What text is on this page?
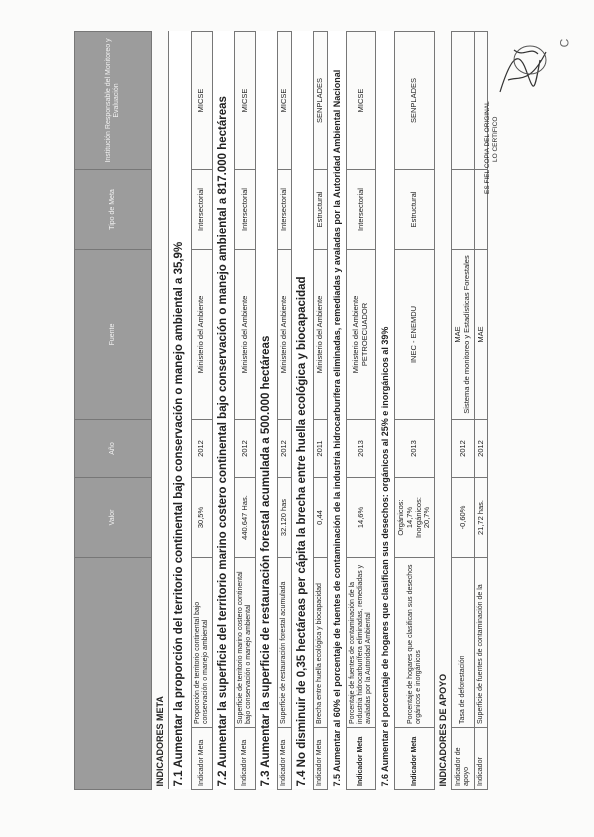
		Valor	Año	Fuente	Tipo de Meta	Institución Responsable del Monitoreo y Evaluación
INDICADORES META						
7.1 Aumentar la proporción del territorio continental bajo conservación o manejo ambiental a 35,9%						
Indicador Meta	Proporción de territorio continental bajo conservación o manejo ambiental	30,5%	2012	Ministerio del Ambiente	Intersectorial	MICSE
7.2 Aumentar la superficie del territorio marino costero continental bajo conservación o manejo ambiental a 817.000 hectáreas						
Indicador Meta	Superficie de territorio marino costero continental bajo conservación o manejo ambiental	440.647 Has.	2012	Ministerio del Ambiente	Intersectorial	MICSE
7.3 Aumentar la superficie de restauración forestal acumulada a 500.000 hectáreas						
Indicador Meta	Superficie de restauración forestal acumulada	32.120 has	2012	Ministerio del Ambiente	Intersectorial	MICSE
7.4 No disminuir de 0,35 hectáreas per cápita la brecha entre huella ecológica y biocapacidad						
Indicador Meta	Brecha entre huella ecológica y biocapacidad	0,44	2011	Ministerio del Ambiente	Estructural	SENPLADES
7.5 Aumentar al 60% el porcentaje de fuentes de contaminación de la industria hidrocarburífera eliminadas, remediadas y avaladas por la Autoridad Ambiental Nacional						
Indicador Meta	Porcentaje de fuentes de contaminación de la industria hidrocarburífera eliminadas, remediadas y avaladas por la Autoridad Ambiental	14,6%	2013	Ministerio del Ambiente PETROECUADOR	Intersectorial	MICSE
7.6 Aumentar el porcentaje de hogares que clasifican sus desechos: orgánicos al 25% e inorgánicos al 39%						
Indicador Meta	Porcentaje de hogares que clasifican sus desechos orgánicos e inorgánicos	Orgánicos: 14,7% Inorgánicos: 20,7%	2013	INEC - ENEMDU	Estructural	SENPLADES
INDICADORES DE APOYO						
Indicador de apoyo	Tasa de deforestación	-0,60%	2012	MAE Sistema de monitoreo y Estadísticas Forestales		

Indicador	Superficie de fuentes de contaminación de la	21,72 has.	2012	MAE		
ES FIEL COPIA DEL ORIGINAL LO CERTIFICO
C
